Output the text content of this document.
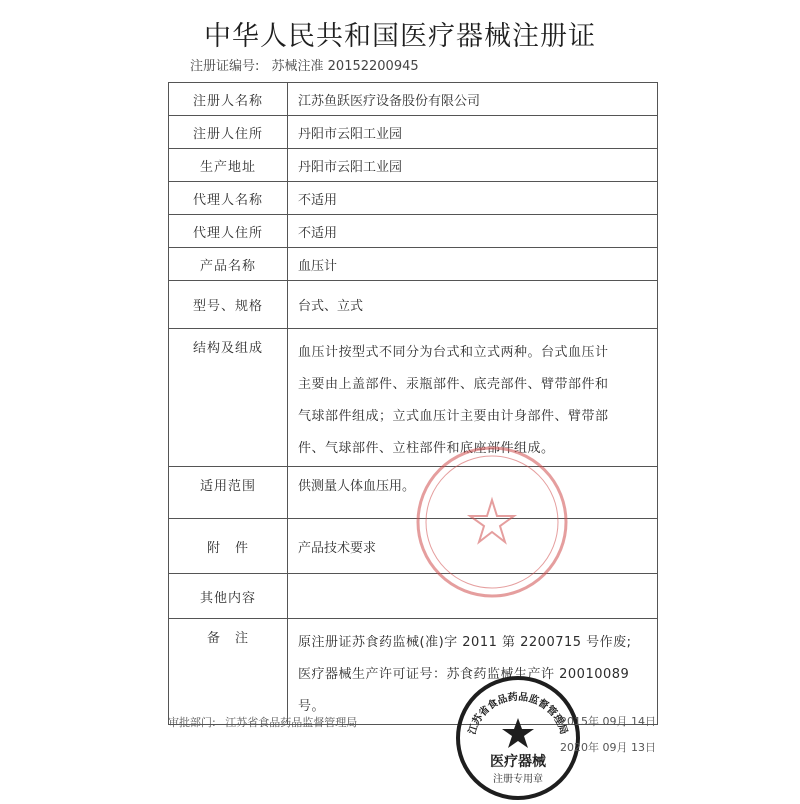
中华人民共和国医疗器械注册证
注册证编号: 苏械注准 20152200945
注册人名称	江苏鱼跃医疗设备股份有限公司
注册人住所	丹阳市云阳工业园
生产地址	丹阳市云阳工业园
代理人名称	不适用
代理人住所	不适用
产品名称	血压计
型号、规格	台式、立式
结构及组成	血压计按型式不同分为台式和立式两种。台式血压计
主要由上盖部件、汞瓶部件、底壳部件、臂带部件和
气球部件组成；立式血压计主要由计身部件、臂带部
件、气球部件、立柱部件和底座部件组成。

适用范围	供测量人体血压用。
附　件	产品技术要求
其他内容	
备　注	原注册证苏食药监械(准)字 2011 第 2200715 号作废;
医疗器械生产许可证号：苏食药监械生产许 20010089
号。
江苏省食品药品监督管理局
医疗器械
注册专用章
审批部门: 江苏省食品药品监督管理局	2015年 09月 14日
2020年 09月 13日
